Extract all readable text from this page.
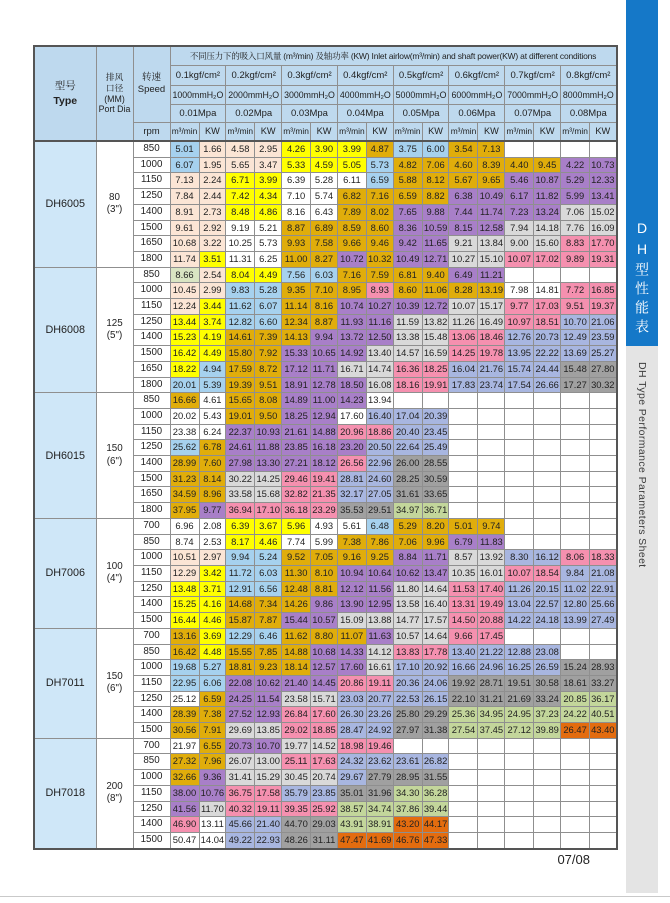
型号
Type

排风
口径
(MM)
Port Dia

转速
Speed
	不同压力下的吸入口风量 (m³/min) 及轴功率 (KW) Inlet airlow(m³/min) and shaft power(KW) at different conditions
			0.1kgf/cm²		0.2kgf/cm²		0.3kgf/cm²		0.4kgf/cm²		0.5kgf/cm²		0.6kgf/cm²		0.7kgf/cm²		0.8kgf/cm²	
			1000mmH₂O		2000mmH₂O		3000mmH₂O		4000mmH₂O		5000mmH₂O		6000mmH₂O		7000mmH₂O		8000mmH₂O	
			0.01Mpa		0.02Mpa		0.03Mpa		0.04Mpa		0.05Mpa		0.06Mpa		0.07Mpa		0.08Mpa	
		rpm	m³/min	KW	m³/min	KW	m³/min	KW	m³/min	KW	m³/min	KW	m³/min	KW	m³/min	KW	m³/min	KW
DH6005	80
(3")	850	5.01	1.66	4.58	2.95	4.26	3.90	3.99	4.87	3.75	6.00	3.54	7.13				
		1000	6.07	1.95	5.65	3.47	5.33	4.59	5.05	5.73	4.82	7.06	4.60	8.39	4.40	9.45	4.22	10.73
		1150	7.13	2.24	6.71	3.99	6.39	5.28	6.11	6.59	5.88	8.12	5.67	9.65	5.46	10.87	5.29	12.33
		1250	7.84	2.44	7.42	4.34	7.10	5.74	6.82	7.16	6.59	8.82	6.38	10.49	6.17	11.82	5.99	13.41
		1400	8.91	2.73	8.48	4.86	8.16	6.43	7.89	8.02	7.65	9.88	7.44	11.74	7.23	13.24	7.06	15.02
		1500	9.61	2.92	9.19	5.21	8.87	6.89	8.59	8.60	8.36	10.59	8.15	12.58	7.94	14.18	7.76	16.09
		1650	10.68	3.22	10.25	5.73	9.93	7.58	9.66	9.46	9.42	11.65	9.21	13.84	9.00	15.60	8.83	17.70
		1800	11.74	3.51	11.31	6.25	11.00	8.27	10.72	10.32	10.49	12.71	10.27	15.10	10.07	17.02	9.89	19.31
DH6008	125
(5")	850	8.66	2.54	8.04	4.49	7.56	6.03	7.16	7.59	6.81	9.40	6.49	11.21				
		1000	10.45	2.99	9.83	5.28	9.35	7.10	8.95	8.93	8.60	11.06	8.28	13.19	7.98	14.81	7.72	16.85
		1150	12.24	3.44	11.62	6.07	11.14	8.16	10.74	10.27	10.39	12.72	10.07	15.17	9.77	17.03	9.51	19.37
		1250	13.44	3.74	12.82	6.60	12.34	8.87	11.93	11.16	11.59	13.82	11.26	16.49	10.97	18.51	10.70	21.06
		1400	15.23	4.19	14.61	7.39	14.13	9.94	13.72	12.50	13.38	15.48	13.06	18.46	12.76	20.73	12.49	23.59
		1500	16.42	4.49	15.80	7.92	15.33	10.65	14.92	13.40	14.57	16.59	14.25	19.78	13.95	22.22	13.69	25.27
		1650	18.22	4.94	17.59	8.72	17.12	11.71	16.71	14.74	16.36	18.25	16.04	21.76	15.74	24.44	15.48	27.80
		1800	20.01	5.39	19.39	9.51	18.91	12.78	18.50	16.08	18.16	19.91	17.83	23.74	17.54	26.66	17.27	30.32
DH6015	150
(6")	850	16.66	4.61	15.65	8.08	14.89	11.00	14.23	13.94								
		1000	20.02	5.43	19.01	9.50	18.25	12.94	17.60	16.40	17.04	20.39						
		1150	23.38	6.24	22.37	10.93	21.61	14.88	20.96	18.86	20.40	23.45						
		1250	25.62	6.78	24.61	11.88	23.85	16.18	23.20	20.50	22.64	25.49						
		1400	28.99	7.60	27.98	13.30	27.21	18.12	26.56	22.96	26.00	28.55						
		1500	31.23	8.14	30.22	14.25	29.46	19.41	28.81	24.60	28.25	30.59						
		1650	34.59	8.96	33.58	15.68	32.82	21.35	32.17	27.05	31.61	33.65						
		1800	37.95	9.77	36.94	17.10	36.18	23.29	35.53	29.51	34.97	36.71						
DH7006	100
(4")	700	6.96	2.08	6.39	3.67	5.96	4.93	5.61	6.48	5.29	8.20	5.01	9.74				
		850	8.74	2.53	8.17	4.46	7.74	5.99	7.38	7.86	7.06	9.96	6.79	11.83				
		1000	10.51	2.97	9.94	5.24	9.52	7.05	9.16	9.25	8.84	11.71	8.57	13.92	8.30	16.12	8.06	18.33
		1150	12.29	3.42	11.72	6.03	11.30	8.10	10.94	10.64	10.62	13.47	10.35	16.01	10.07	18.54	9.84	21.08
		1250	13.48	3.71	12.91	6.56	12.48	8.81	12.12	11.56	11.80	14.64	11.53	17.40	11.26	20.15	11.02	22.91
		1400	15.25	4.16	14.68	7.34	14.26	9.86	13.90	12.95	13.58	16.40	13.31	19.49	13.04	22.57	12.80	25.66
		1500	16.44	4.46	15.87	7.87	15.44	10.57	15.09	13.88	14.77	17.57	14.50	20.88	14.22	24.18	13.99	27.49
DH7011	150
(6")	700	13.16	3.69	12.29	6.46	11.62	8.80	11.07	11.63	10.57	14.64	9.66	17.45				
		850	16.42	4.48	15.55	7.85	14.88	10.68	14.33	14.12	13.83	17.78	13.40	21.22	12.88	23.08		
		1000	19.68	5.27	18.81	9.23	18.14	12.57	17.60	16.61	17.10	20.92	16.66	24.96	16.25	26.59	15.24	28.93
		1150	22.95	6.06	22.08	10.62	21.40	14.45	20.86	19.11	20.36	24.06	19.92	28.71	19.51	30.58	18.61	33.27
		1250	25.12	6.59	24.25	11.54	23.58	15.71	23.03	20.77	22.53	26.15	22.10	31.21	21.69	33.24	20.85	36.17
		1400	28.39	7.38	27.52	12.93	26.84	17.60	26.30	23.26	25.80	29.29	25.36	34.95	24.95	37.23	24.22	40.51
		1500	30.56	7.91	29.69	13.85	29.02	18.85	28.47	24.92	27.97	31.38	27.54	37.45	27.12	39.89	26.47	43.40
DH7018	200
(8")	700	21.97	6.55	20.73	10.70	19.77	14.52	18.98	19.46								
		850	27.32	7.96	26.07	13.00	25.11	17.63	24.32	23.62	23.61	26.82						
		1000	32.66	9.36	31.41	15.29	30.45	20.74	29.67	27.79	28.95	31.55						
		1150	38.00	10.76	36.75	17.58	35.79	23.85	35.01	31.96	34.30	36.28						
		1250	41.56	11.70	40.32	19.11	39.35	25.92	38.57	34.74	37.86	39.44						
		1400	46.90	13.11	45.66	21.40	44.70	29.03	43.91	38.91	43.20	44.17						
		1500	50.47	14.04	49.22	22.93	48.26	31.11	47.47	41.69	46.76	47.33						
DH型性能表
DH Type Performance Parameters Sheet
07/08
